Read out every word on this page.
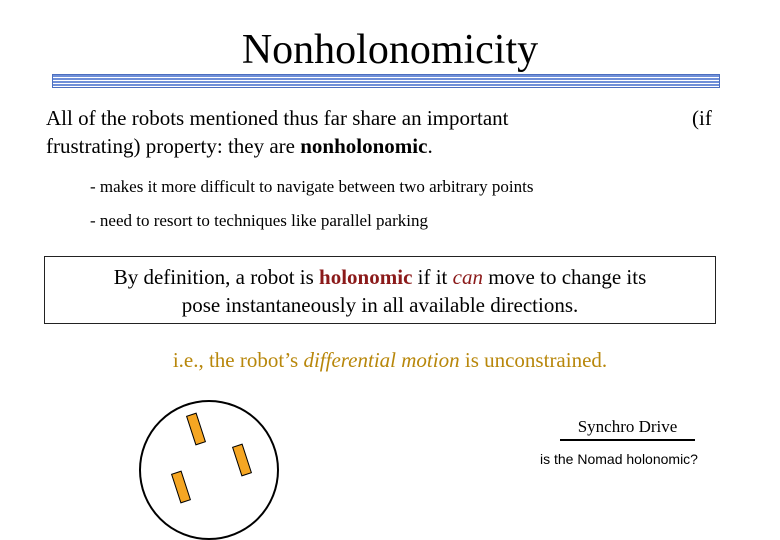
Nonholonomicity
All of the robots mentioned thus far share an important
frustrating) property: they are nonholonomic.
(if
- makes it more difficult to navigate between two arbitrary points
- need to resort to techniques like parallel parking
By definition, a robot is holonomic if it can move to change its
pose instantaneously in all available directions.
i.e., the robot’s differential motion is unconstrained.
Synchro Drive
is the Nomad holonomic?
